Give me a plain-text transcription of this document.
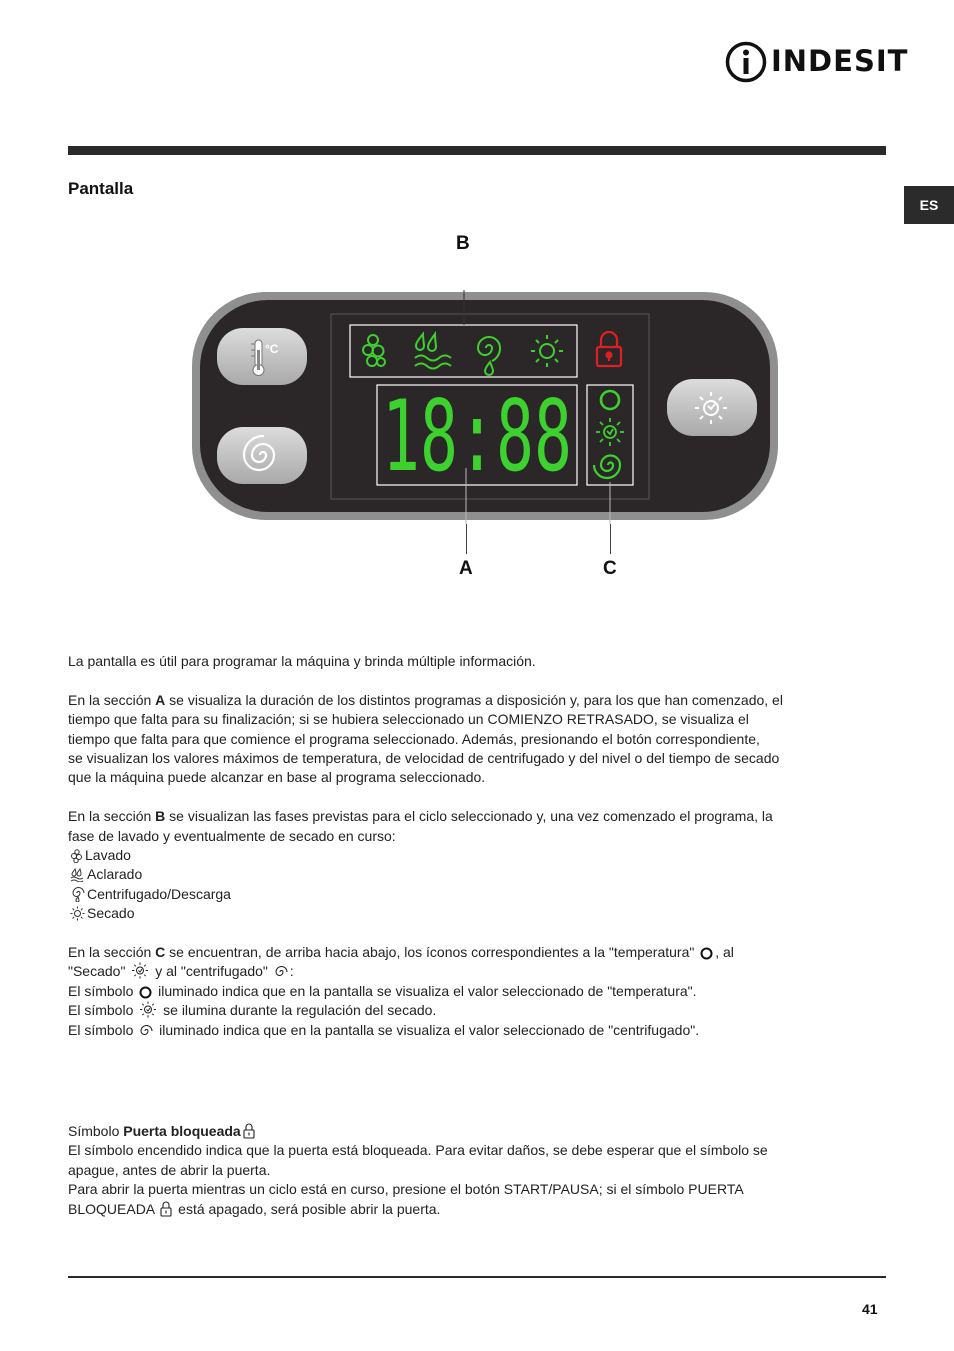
INDESIT
ES
Pantalla
B
A	C
°C
18:88

La pantalla es útil para programar la máquina y brinda múltiple información.

En la sección A se visualiza la duración de los distintos programas a disposición y, para los que han comenzado, el
tiempo que falta para su finalización; si se hubiera seleccionado un COMIENZO RETRASADO, se visualiza el
tiempo que falta para que comience el programa seleccionado. Además, presionando el botón correspondiente,
se visualizan los valores máximos de temperatura, de velocidad de centrifugado y del nivel o del tiempo de secado
que la máquina puede alcanzar en base al programa seleccionado.

En la sección B se visualizan las fases previstas para el ciclo seleccionado y, una vez comenzado el programa, la
fase de lavado y eventualmente de secado en curso:
Lavado
Aclarado
Centrifugado/Descarga
Secado

En la sección C se encuentran, de arriba hacia abajo, los íconos correspondientes a la "temperatura" , al
"Secado"  y al "centrifugado" :
El símbolo  iluminado indica que en la pantalla se visualiza el valor seleccionado de "temperatura".
El símbolo  se ilumina durante la regulación del secado.
El símbolo  iluminado indica que en la pantalla se visualiza el valor seleccionado de "centrifugado".

Símbolo Puerta bloqueada
El símbolo encendido indica que la puerta está bloqueada. Para evitar daños, se debe esperar que el símbolo se
apague, antes de abrir la puerta.
Para abrir la puerta mientras un ciclo está en curso, presione el botón START/PAUSA; si el símbolo PUERTA
BLOQUEADA  está apagado, será posible abrir la puerta.
41
